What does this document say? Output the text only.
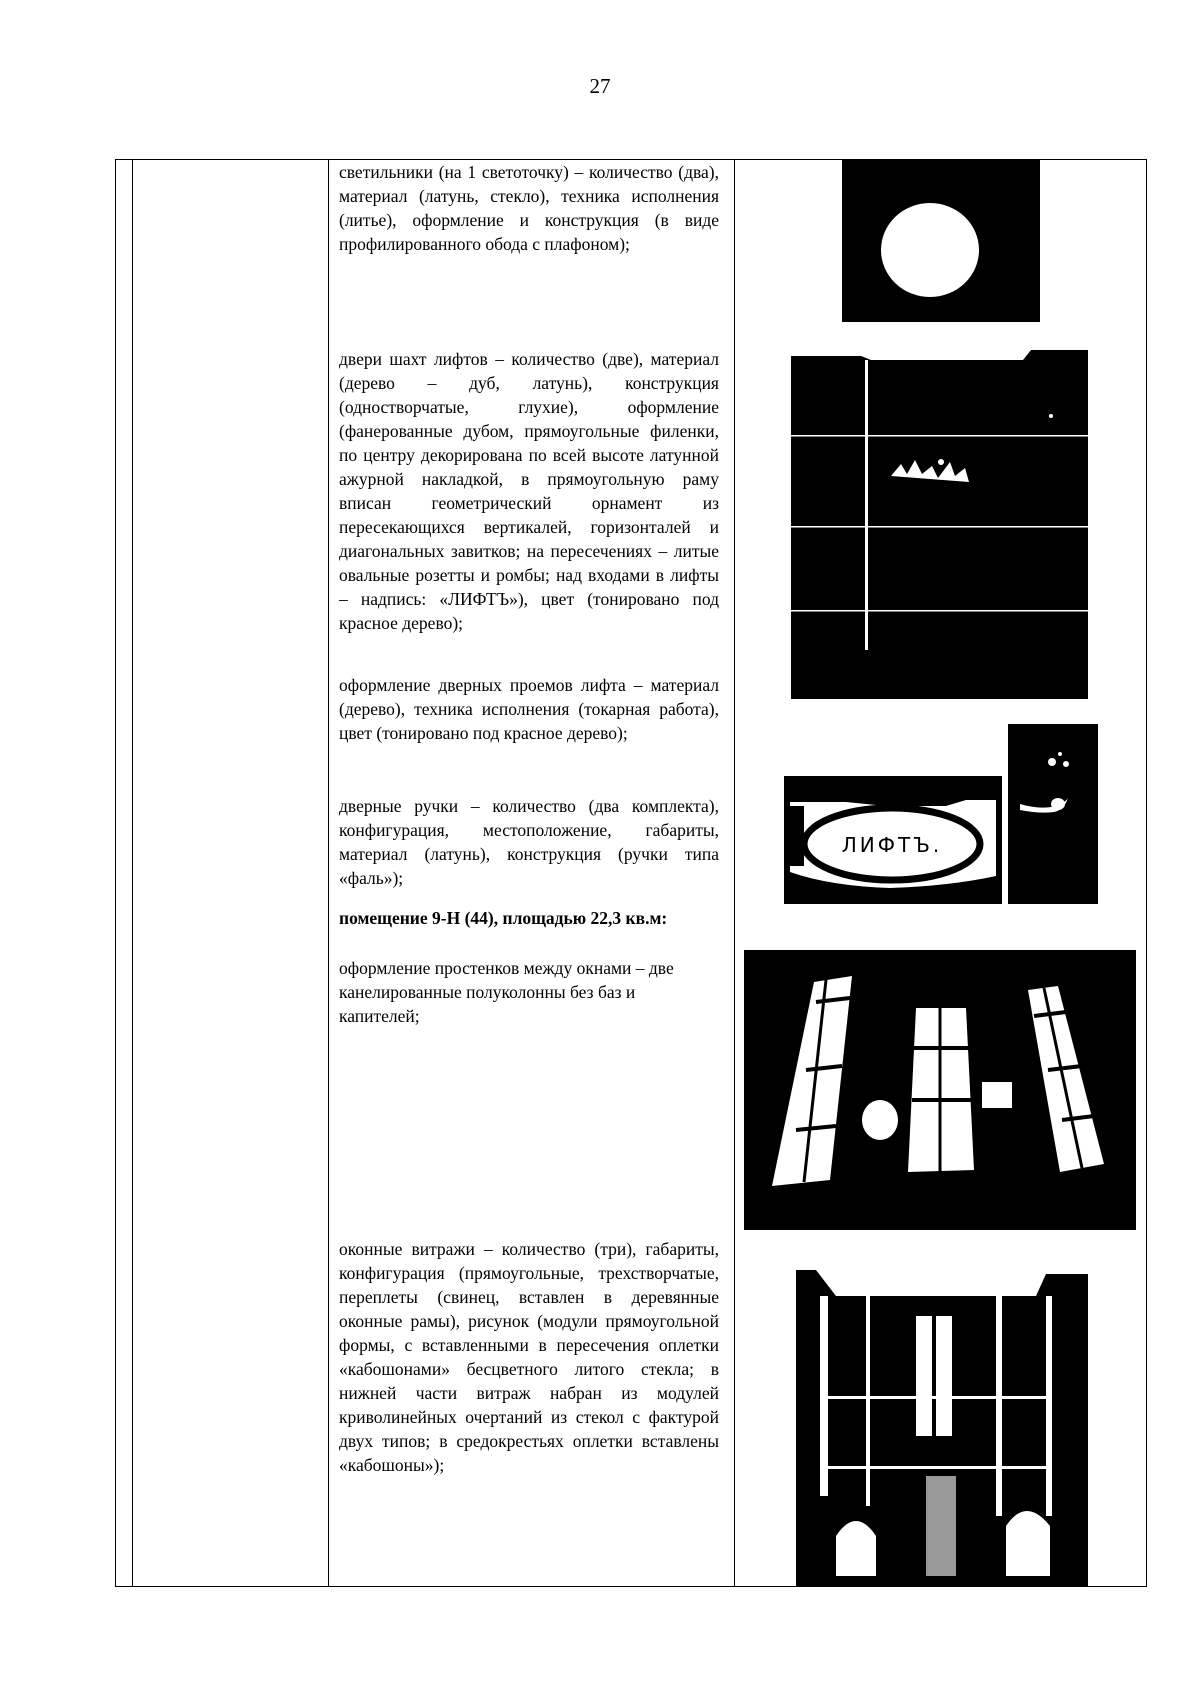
27
светильники (на 1 светоточку) – количество (два), материал (латунь, стекло), техника исполнения (литье), оформление и конструкция (в виде профилированного обода с плафоном);
двери шахт лифтов – количество (две), материал (дерево – дуб, латунь), конструкция (одностворчатые, глухие), оформление (фанерованные дубом, прямоугольные филенки, по центру декорирована по всей высоте латунной ажурной накладкой, в прямоугольную раму вписан геометрический орнамент из пересекающихся вертикалей, горизонталей и диагональных завитков; на пересечениях – литые овальные розетты и ромбы; над входами в лифты – надпись: «ЛИФТЪ»), цвет (тонировано под красное дерево);
оформление дверных проемов лифта – материал (дерево), техника исполнения (токарная работа), цвет (тонировано под красное дерево);
дверные ручки – количество (два комплекта), конфигурация, местоположение, габариты, материал (латунь), конструкция (ручки типа «фаль»);
помещение 9-Н (44), площадью 22,3 кв.м:
оформление простенков между окнами – две канелированные полуколонны без баз и капителей;
оконные витражи – количество (три), габариты, конфигурация (прямоугольные, трехстворчатые, переплеты (свинец, вставлен в деревянные оконные рамы), рисунок (модули прямоугольной формы, с вставленными в пересечения оплетки «кабошонами» бесцветного литого стекла; в нижней части витраж набран из модулей криволинейных очертаний из стекол с фактурой двух типов; в средокрестьях оплетки вставлены «кабошоны»);
ЛИФТЪ.
